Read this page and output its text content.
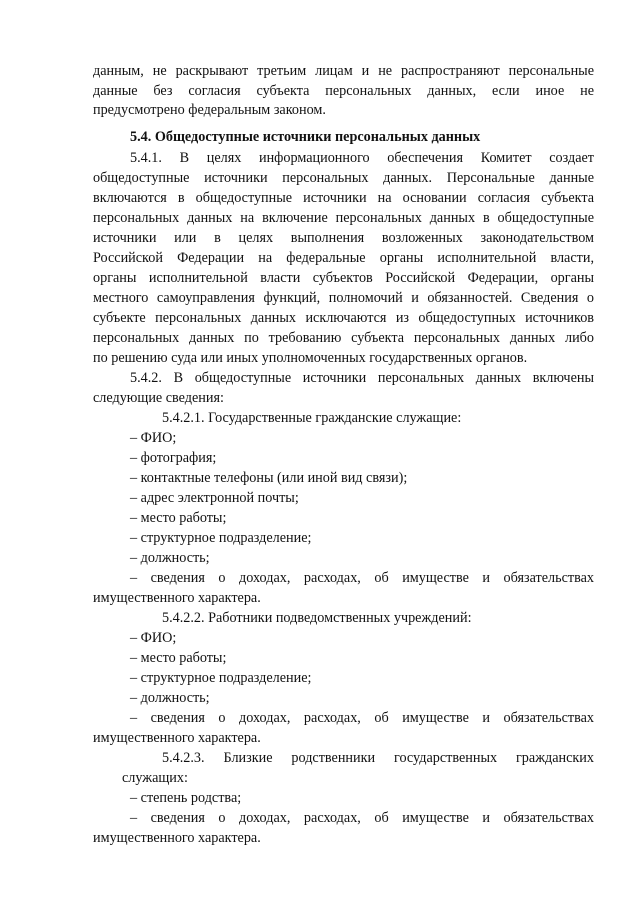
данным, не раскрывают третьим лицам и не распространяют персональные
данные без согласия субъекта персональных данных, если иное не
предусмотрено федеральным законом.
5.4. Общедоступные источники персональных данных
5.4.1. В целях информационного обеспечения Комитет создает
общедоступные источники персональных данных. Персональные данные
включаются в общедоступные источники на основании согласия субъекта
персональных данных на включение персональных данных в общедоступные
источники или в целях выполнения возложенных законодательством
Российской Федерации на федеральные органы исполнительной власти,
органы исполнительной власти субъектов Российской Федерации, органы
местного самоуправления функций, полномочий и обязанностей. Сведения о
субъекте персональных данных исключаются из общедоступных источников
персональных данных по требованию субъекта персональных данных либо
по решению суда или иных уполномоченных государственных органов.
5.4.2. В общедоступные источники персональных данных включены
следующие сведения:
5.4.2.1. Государственные гражданские служащие:
– ФИО;
– фотография;
– контактные телефоны (или иной вид связи);
– адрес электронной почты;
– место работы;
– структурное подразделение;
– должность;
– сведения о доходах, расходах, об имуществе и обязательствах
имущественного характера.
5.4.2.2. Работники подведомственных учреждений:
– ФИО;
– место работы;
– структурное подразделение;
– должность;
– сведения о доходах, расходах, об имуществе и обязательствах
имущественного характера.
5.4.2.3. Близкие родственники государственных гражданских
служащих:
– степень родства;
– сведения о доходах, расходах, об имуществе и обязательствах
имущественного характера.
